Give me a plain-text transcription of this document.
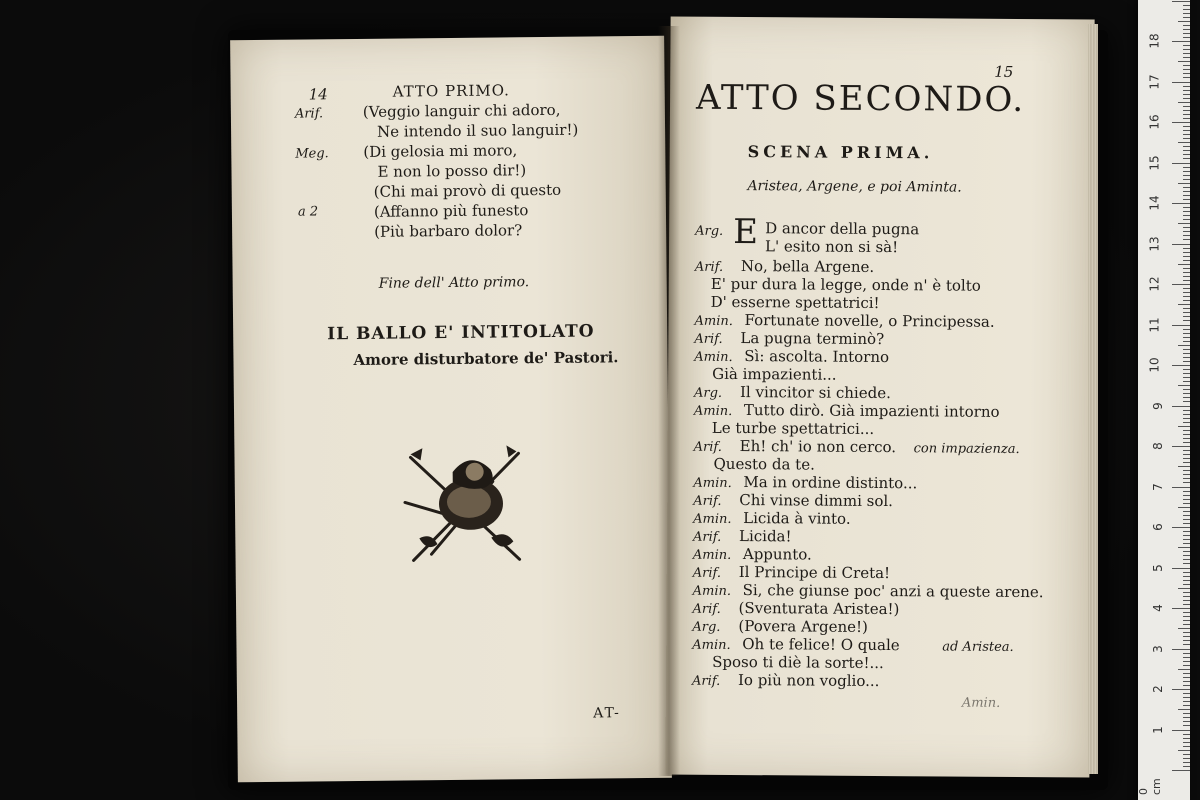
14	ATTO PRIMO.
Arif.	(Veggio languir chi adoro,
Ne intendo il suo languir!)
Meg. (Di gelosia mi moro,
E non lo posso dir!)
(Chi mai provò di questo
a 2	(Affanno più funesto
(Più barbaro dolor?
Fine dell' Atto primo.
IL BALLO E' INTITOLATO
Amore disturbatore de' Pastori.
AT-
15
ATTO SECONDO.
SCENA PRIMA.
Aristea, Argene, e poi Aminta.
E
Arg.	D ancor della pugna
L' esito non si sà!
Arif. No, bella Argene.
E' pur dura la legge, onde n' è tolto
D' esserne spettatrici!
Amin. Fortunate novelle, o Principessa.
Arif. La pugna terminò?
Amin. Sì: ascolta. Intorno
Già impazienti...
Arg. Il vincitor si chiede.
Amin. Tutto dirò. Già impazienti intorno
Le turbe spettatrici...
Arif. Eh! ch' io non cerco. con impazienza.
Questo da te.
Amin. Ma in ordine distinto...
Arif. Chi vinse dimmi sol.
Amin. Licida à vinto.
Arif. Licida!
Amin. Appunto.
Arif. Il Principe di Creta!
Amin. Si, che giunse poc' anzi a queste arene.
Arif. (Sventurata Aristea!)
Arg. (Povera Argene!)
Amin. Oh te felice! O quale	ad Aristea.
Sposo ti diè la sorte!...
Arif. Io più non voglio...
Amin.
0 cm
18
17
16
15
14
13
12
11
10
9
8
7
6
5
4
3
2
1
